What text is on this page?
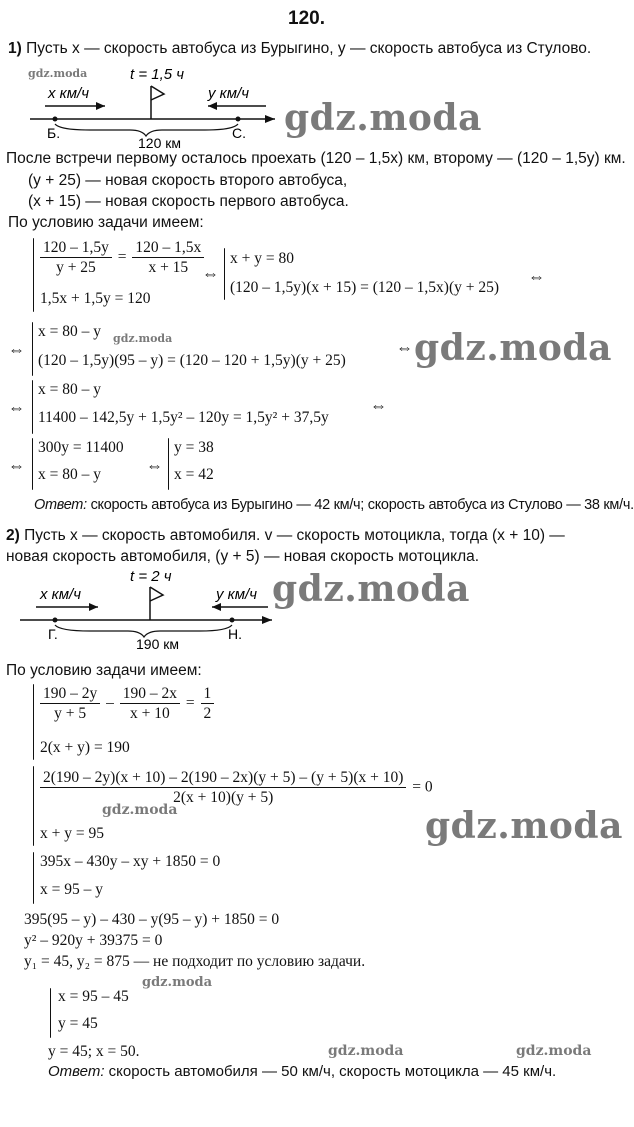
120.
1) Пусть x — скорость автобуса из Бурыгино, y — скорость автобуса из Стулово.
gdz.moda	t = 1,5 ч
x км/ч	y км/ч
Б.	С.
120 км
gdz.moda
После встречи первому осталось проехать (120 – 1,5x) км, второму — (120 – 1,5y) км.
(y + 25) — новая скорость второго автобуса,
(x + 15) — новая скорость первого автобуса.
По условию задачи имеем:
$\frac{120 - 1,5y}{y + 25} = \frac{120 - 1,5x}{x + 15}$
1,5x + 1,5y = 120
⇔
x + y = 80
(120 – 1,5y)(x + 15) = (120 – 1,5x)(y + 25)
⇔
⇔
x = 80 – y gdz.moda
(120 – 1,5y)(95 – y) = (120 – 120 + 1,5y)(y + 25)
⇔ gdz.moda
⇔
x = 80 – y
11400 – 142,5y + 1,5y² – 120y = 1,5y² + 37,5y
⇔
⇔
300y = 11400
x = 80 – y	⇔
y = 38
x = 42
Ответ: скорость автобуса из Бурыгино — 42 км/ч; скорость автобуса из Стулово — 38 км/ч.
2) Пусть x — скорость автомобиля. v — скорость мотоцикла, тогда (x + 10) —
новая скорость автомобиля, (y + 5) — новая скорость мотоцикла.
t = 2 ч
x км/ч	y км/ч
Г.	Н.
190 км
gdz.moda
По условию задачи имеем:
$\frac{190 - 2y}{y + 5} - \frac{190 - 2x}{x + 10} = \frac{1}{2}$
2(x + y) = 190
$\frac{2(190 - 2y)(x + 10) - 2(190 - 2x)(y + 5) - (y + 5)(x + 10)}{2(x + 10)(y + 5)} = 0$
gdz.moda
x + y = 95	gdz.moda
395x – 430y – xy + 1850 = 0
x = 95 – y
395(95 – y) – 430 – y(95 – y) + 1850 = 0
y² – 920y + 39375 = 0
y₁ = 45, y₂ = 875 — не подходит по условию задачи.
gdz.moda
x = 95 – 45
y = 45
y = 45; x = 50.	gdz.moda	gdz.moda
Ответ: скорость автомобиля — 50 км/ч, скорость мотоцикла — 45 км/ч.
